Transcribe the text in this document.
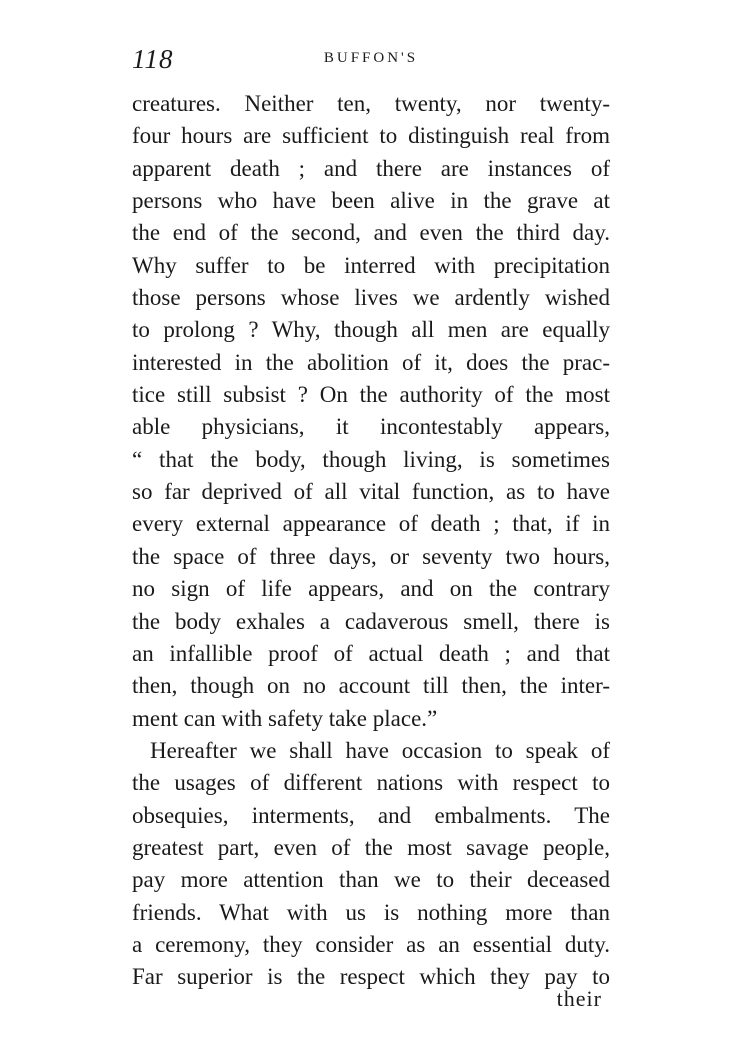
118	BUFFON'S
creatures. Neither ten, twenty, nor twenty-
four hours are sufficient to distinguish real from
apparent death ; and there are instances of
persons who have been alive in the grave at
the end of the second, and even the third day.
Why suffer to be interred with precipitation
those persons whose lives we ardently wished
to prolong ? Why, though all men are equally
interested in the abolition of it, does the prac-
tice still subsist ? On the authority of the most
able physicians, it incontestably appears,
“ that the body, though living, is sometimes
so far deprived of all vital function, as to have
every external appearance of death ; that, if in
the space of three days, or seventy two hours,
no sign of life appears, and on the contrary
the body exhales a cadaverous smell, there is
an infallible proof of actual death ; and that
then, though on no account till then, the inter-
ment can with safety take place.”
Hereafter we shall have occasion to speak of
the usages of different nations with respect to
obsequies, interments, and embalments. The
greatest part, even of the most savage people,
pay more attention than we to their deceased
friends. What with us is nothing more than
a ceremony, they consider as an essential duty.
Far superior is the respect which they pay to
their
